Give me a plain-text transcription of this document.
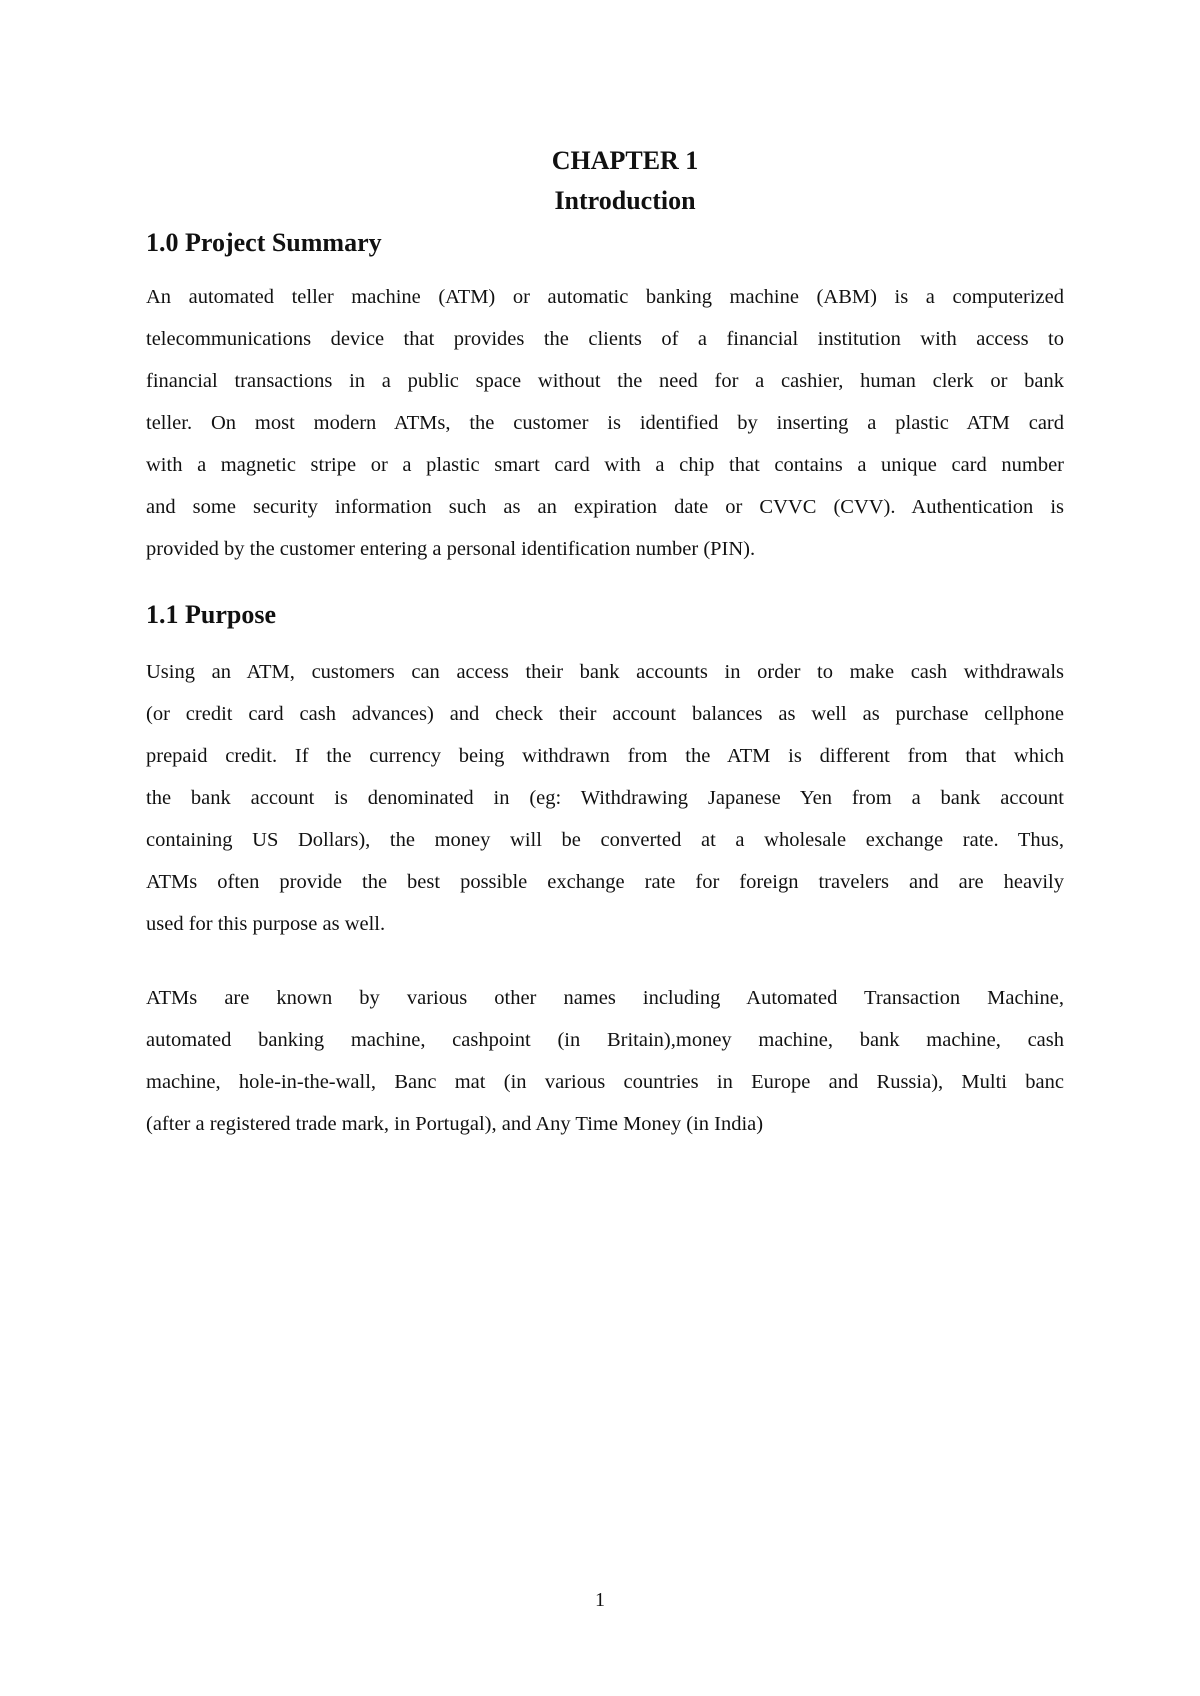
CHAPTER 1
Introduction
1.0 Project Summary

An automated teller machine (ATM) or automatic banking machine (ABM) is a computerized
telecommunications device that provides the clients of a financial institution with access to
financial transactions in a public space without the need for a cashier, human clerk or bank
teller. On most modern ATMs, the customer is identified by inserting a plastic ATM card
with a magnetic stripe or a plastic smart card with a chip that contains a unique card number
and some security information such as an expiration date or CVVC (CVV). Authentication is
provided by the customer entering a personal identification number (PIN).

1.1 Purpose

Using an ATM, customers can access their bank accounts in order to make cash withdrawals
(or credit card cash advances) and check their account balances as well as purchase cellphone
prepaid credit. If the currency being withdrawn from the ATM is different from that which
the bank account is denominated in (eg: Withdrawing Japanese Yen from a bank account
containing US Dollars), the money will be converted at a wholesale exchange rate. Thus,
ATMs often provide the best possible exchange rate for foreign travelers and are heavily
used for this purpose as well.

ATMs are known by various other names including Automated Transaction Machine,
automated banking machine, cashpoint (in Britain),money machine, bank machine, cash
machine, hole-in-the-wall, Banc mat (in various countries in Europe and Russia), Multi banc
(after a registered trade mark, in Portugal), and Any Time Money (in India)

1
